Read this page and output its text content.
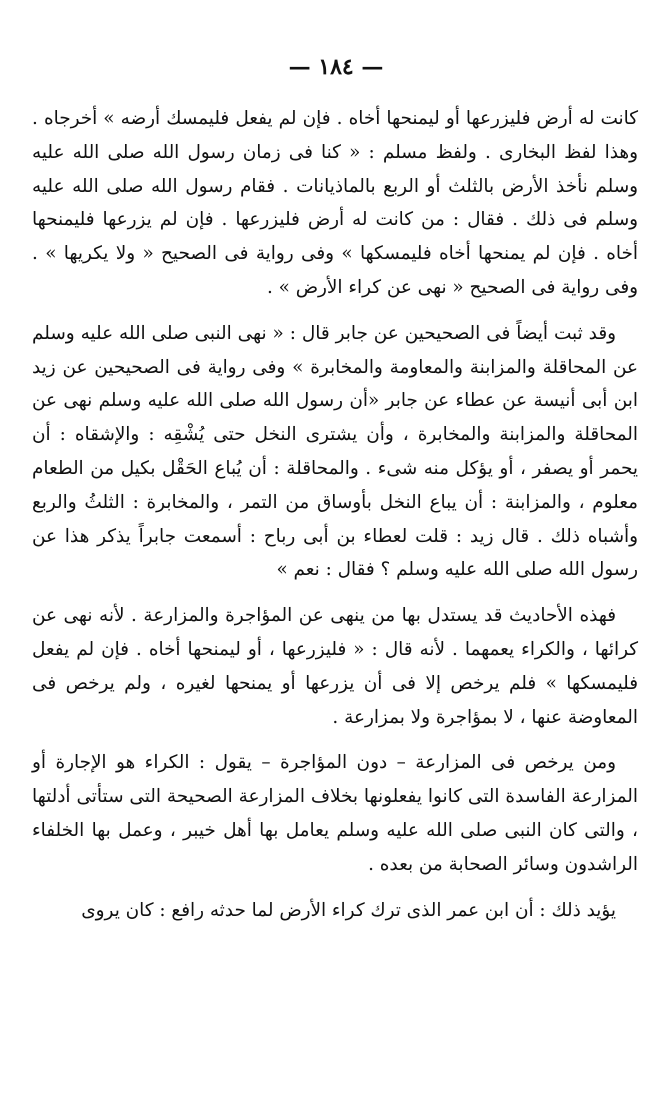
— ١٨٤ —

كانت له أرض فليزرعها أو ليمنحها أخاه . فإن لم يفعل فليمسك أرضه » أخرجاه . وهذا لفظ البخارى . ولفظ مسلم : « كنا فى زمان رسول الله صلى الله عليه وسلم نأخذ الأرض بالثلث أو الربع بالماذيانات . فقام رسول الله صلى الله عليه وسلم فى ذلك . فقال : من كانت له أرض فليزرعها . فإن لم يزرعها فليمنحها أخاه . فإن لم يمنحها أخاه فليمسكها » وفى رواية فى الصحيح « ولا يكريها » . وفى رواية فى الصحيح « نهى عن كراء الأرض » .

وقد ثبت أيضاً فى الصحيحين عن جابر قال : « نهى النبى صلى الله عليه وسلم عن المحاقلة والمزابنة والمعاومة والمخابرة » وفى رواية فى الصحيحين عن زيد ابن أبى أنيسة عن عطاء عن جابر «أن رسول الله صلى الله عليه وسلم نهى عن المحاقلة والمزابنة والمخابرة ، وأن يشترى النخل حتى يُشْقِه : والإشقاه : أن يحمر أو يصفر ، أو يؤكل منه شىء . والمحاقلة : أن يُباع الحَقْل بكيل من الطعام معلوم ، والمزابنة : أن يباع النخل بأوساق من التمر ، والمخابرة : الثلثُ والربع وأشباه ذلك . قال زيد : قلت لعطاء بن أبى رباح : أسمعت جابراً يذكر هذا عن رسول الله صلى الله عليه وسلم ؟ فقال : نعم »

فهذه الأحاديث قد يستدل بها من ينهى عن المؤاجرة والمزارعة . لأنه نهى عن كرائها ، والكراء يعمهما . لأنه قال : « فليزرعها ، أو ليمنحها أخاه . فإن لم يفعل فليمسكها » فلم يرخص إلا فى أن يزرعها أو يمنحها لغيره ، ولم يرخص فى المعاوضة عنها ، لا بمؤاجرة ولا بمزارعة .

ومن يرخص فى المزارعة – دون المؤاجرة – يقول : الكراء هو الإجارة أو المزارعة الفاسدة التى كانوا يفعلونها بخلاف المزارعة الصحيحة التى ستأتى أدلتها ، والتى كان النبى صلى الله عليه وسلم يعامل بها أهل خيبر ، وعمل بها الخلفاء الراشدون وسائر الصحابة من بعده .

يؤيد ذلك : أن ابن عمر الذى ترك كراء الأرض لما حدثه رافع : كان يروى
